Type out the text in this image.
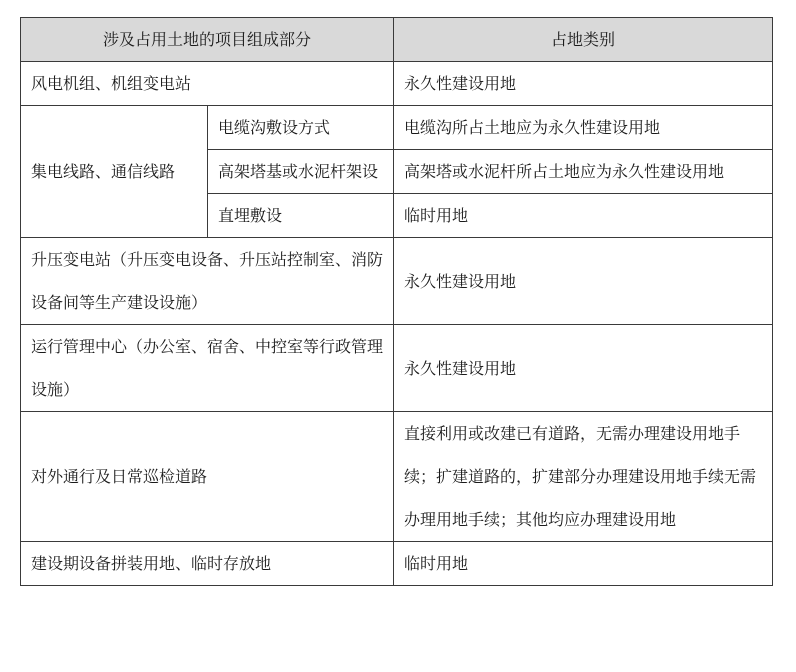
涉及占用土地的项目组成部分		占地类别
风电机组、机组变电站		永久性建设用地
集电线路、通信线路	电缆沟敷设方式	电缆沟所占土地应为永久性建设用地
	高架塔基或水泥杆架设	高架塔或水泥杆所占土地应为永久性建设用地
	直埋敷设	临时用地
升压变电站（升压变电设备、升压站控制室、消防设备间等生产建设设施）		永久性建设用地
运行管理中心（办公室、宿舍、中控室等行政管理设施）		永久性建设用地
对外通行及日常巡检道路		直接利用或改建已有道路，无需办理建设用地手续；扩建道路的，扩建部分办理建设用地手续无需办理用地手续；其他均应办理建设用地
建设期设备拼装用地、临时存放地		临时用地
